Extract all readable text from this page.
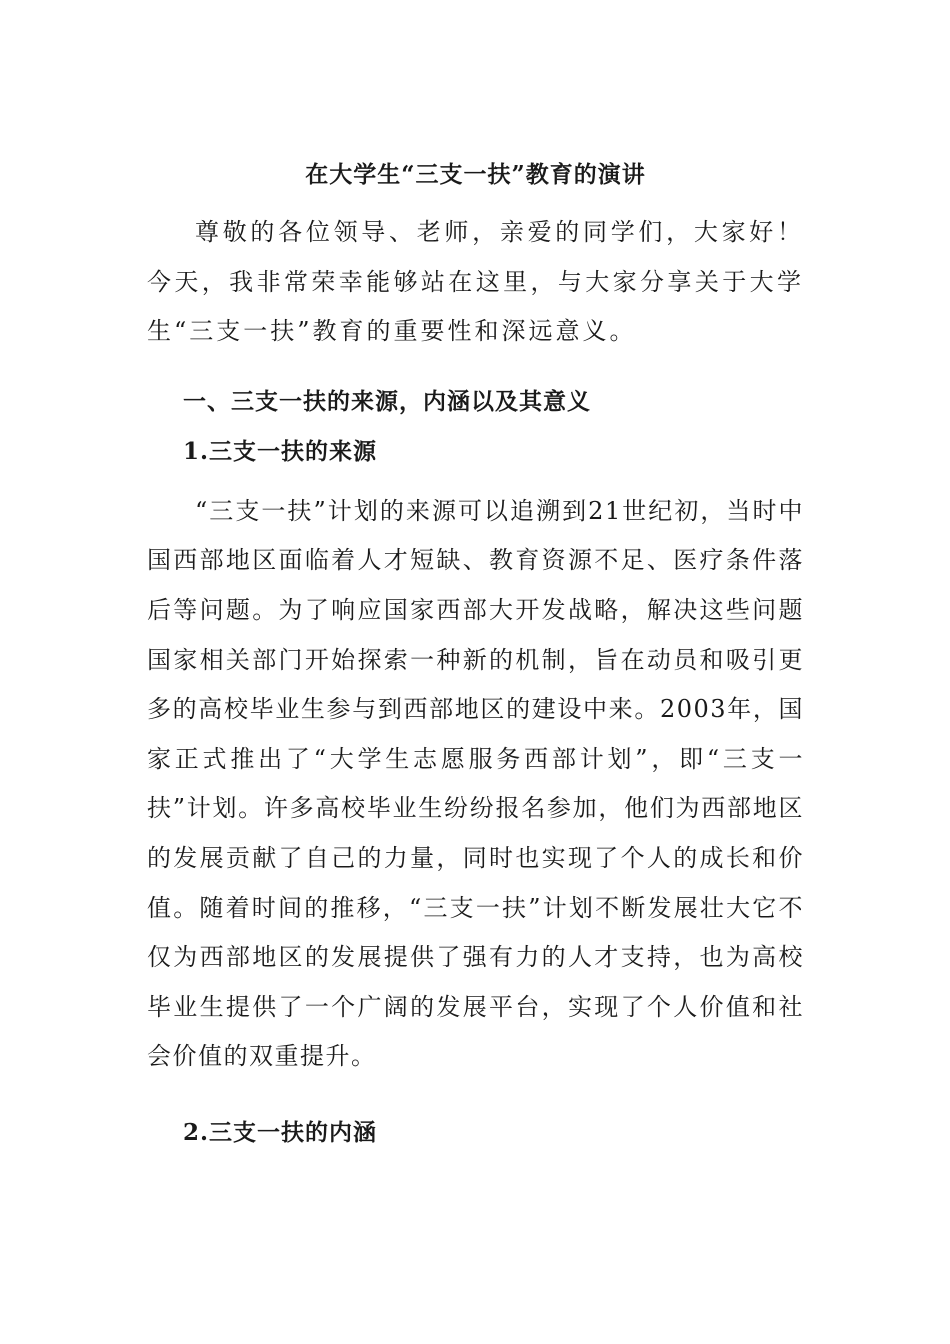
在大学生“三支一扶”教育的演讲

尊敬的各位领导、老师，亲爱的同学们，大家好！今天，我非常荣幸能够站在这里，与大家分享关于大学生“三支一扶”教育的重要性和深远意义。

一、三支一扶的来源，内涵以及其意义
1.三支一扶的来源

“三支一扶”计划的来源可以追溯到21世纪初，当时中国西部地区面临着人才短缺、教育资源不足、医疗条件落后等问题。为了响应国家西部大开发战略，解决这些问题国家相关部门开始探索一种新的机制，旨在动员和吸引更多的高校毕业生参与到西部地区的建设中来。2003年，国家正式推出了“大学生志愿服务西部计划”，即“三支一扶”计划。许多高校毕业生纷纷报名参加，他们为西部地区的发展贡献了自己的力量，同时也实现了个人的成长和价值。随着时间的推移，“三支一扶”计划不断发展壮大它不仅为西部地区的发展提供了强有力的人才支持，也为高校毕业生提供了一个广阔的发展平台，实现了个人价值和社会价值的双重提升。

2.三支一扶的内涵
